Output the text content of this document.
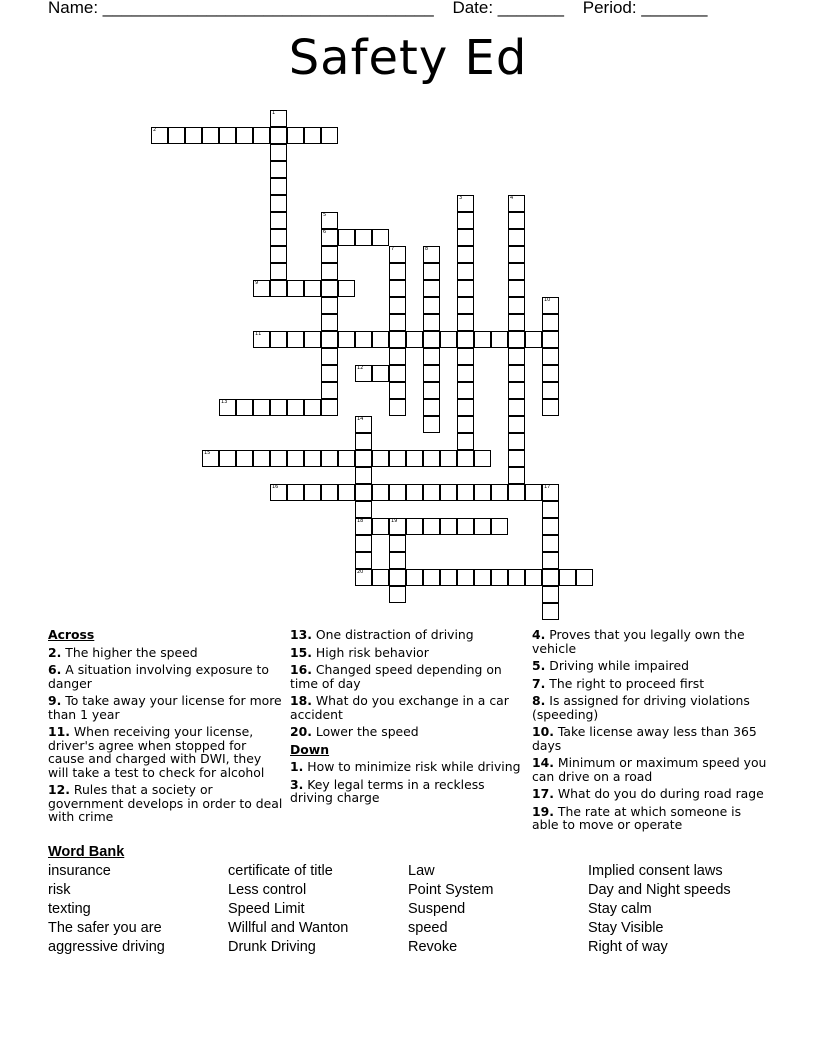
Name: ___________________________________ Date: _______ Period: _______
Safety Ed
1
2
3	4
5
6
7	8
9
10
11
12
13
14
18
20
15
16	17
19
Across
2. The higher the speed
6. A situation involving exposure to danger
9. To take away your license for more than 1 year
11. When receiving your license, driver's agree when stopped for cause and charged with DWI, they will take a test to check for alcohol
12. Rules that a society or government develops in order to deal with crime
13. One distraction of driving
15. High risk behavior
16. Changed speed depending on time of day
18. What do you exchange in a car accident
20. Lower the speed
Down
1. How to minimize risk while driving
3. Key legal terms in a reckless driving charge
4. Proves that you legally own the vehicle
5. Driving while impaired
7. The right to proceed first
8. Is assigned for driving violations (speeding)
10. Take license away less than 365 days
14. Minimum or maximum speed you can drive on a road
17. What do you do during road rage
19. The rate at which someone is able to move or operate
Word Bank
insurance
risk
texting
The safer you are
aggressive driving
certificate of title
Less control
Speed Limit
Willful and Wanton
Drunk Driving
Law
Point System
Suspend
speed
Revoke
Implied consent laws
Day and Night speeds
Stay calm
Stay Visible
Right of way
